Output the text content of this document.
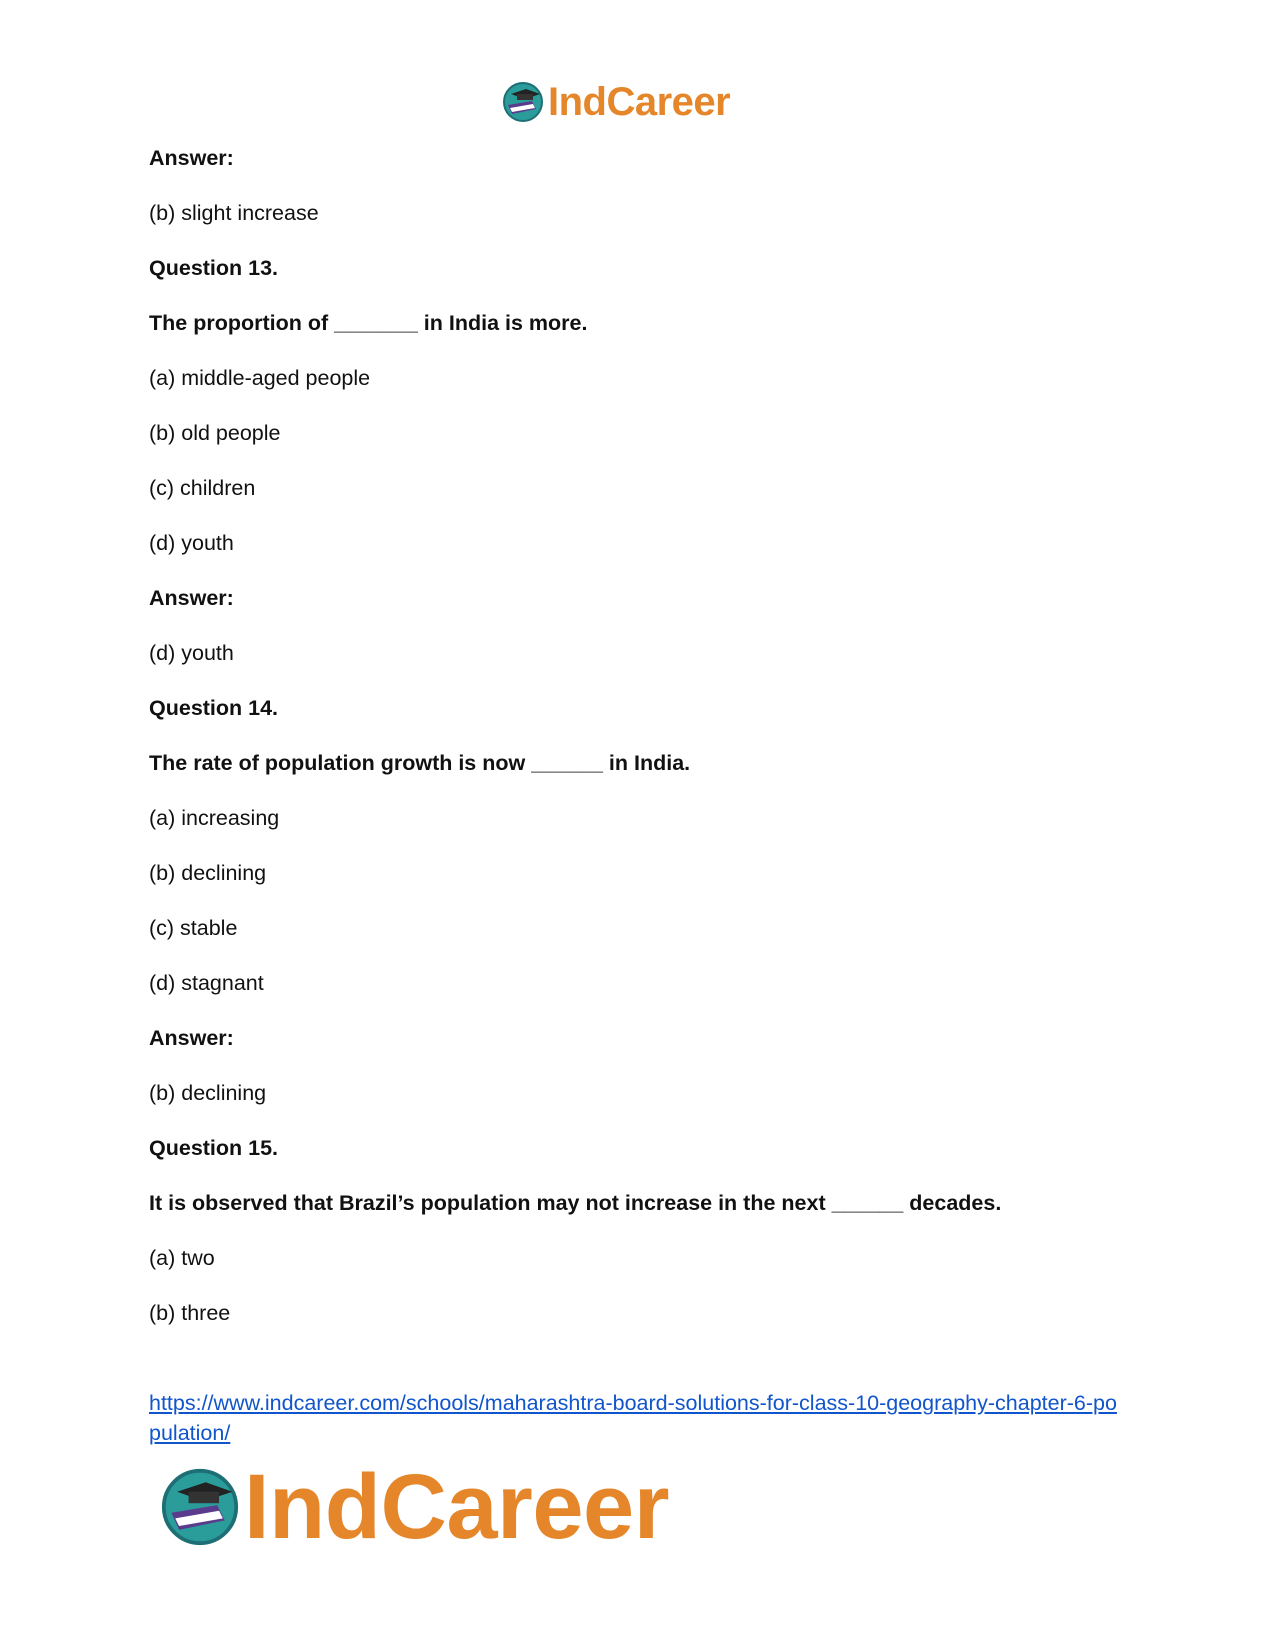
IndCareer
Answer:
(b) slight increase
Question 13.
The proportion of _______ in India is more.
(a) middle-aged people
(b) old people
(c) children
(d) youth
Answer:
(d) youth
Question 14.
The rate of population growth is now ______ in India.
(a) increasing
(b) declining
(c) stable
(d) stagnant
Answer:
(b) declining
Question 15.
It is observed that Brazil’s population may not increase in the next ______ decades.
(a) two
(b) three
https://www.indcareer.com/schools/maharashtra-board-solutions-for-class-10-geography-chapter-6-population/
IndCareer
